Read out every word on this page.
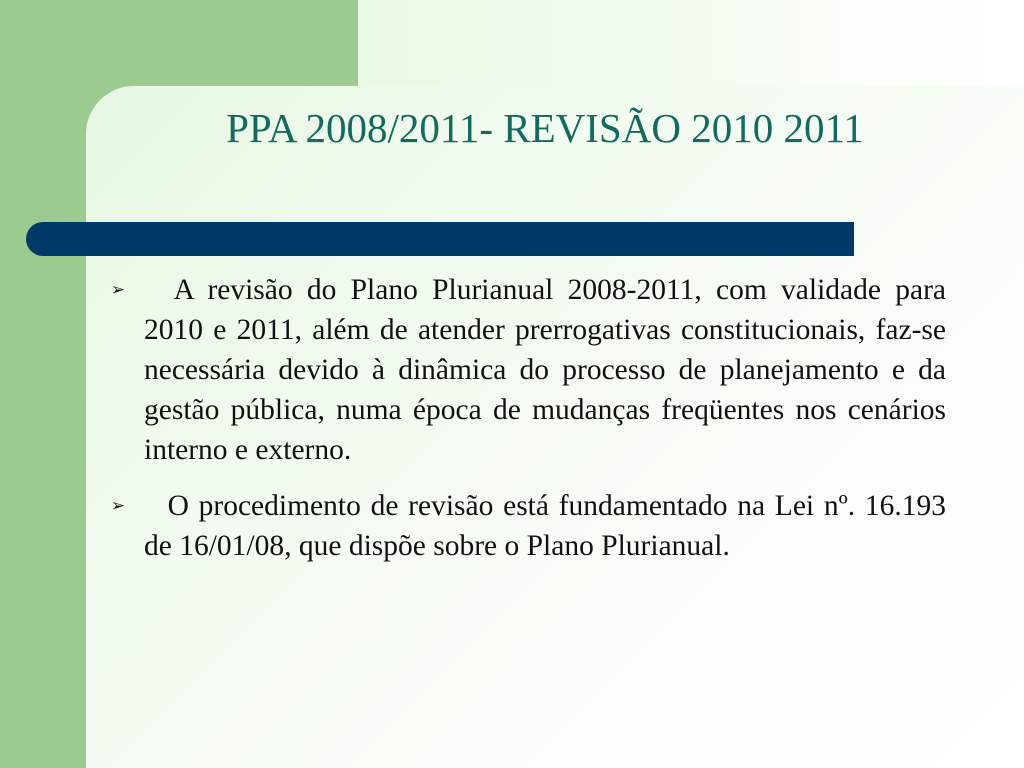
PPA 2008/2011- REVISÃO 2010 2011
➢	A revisão do Plano Plurianual 2008-2011, com validade para 2010 e 2011, além de atender prerrogativas constitucionais, faz-se necessária devido à dinâmica do processo de planejamento e da gestão pública, numa época de mudanças freqüentes nos cenários interno e externo.
➢	O procedimento de revisão está fundamentado na Lei nº. 16.193 de 16/01/08, que dispõe sobre o Plano Plurianual.
